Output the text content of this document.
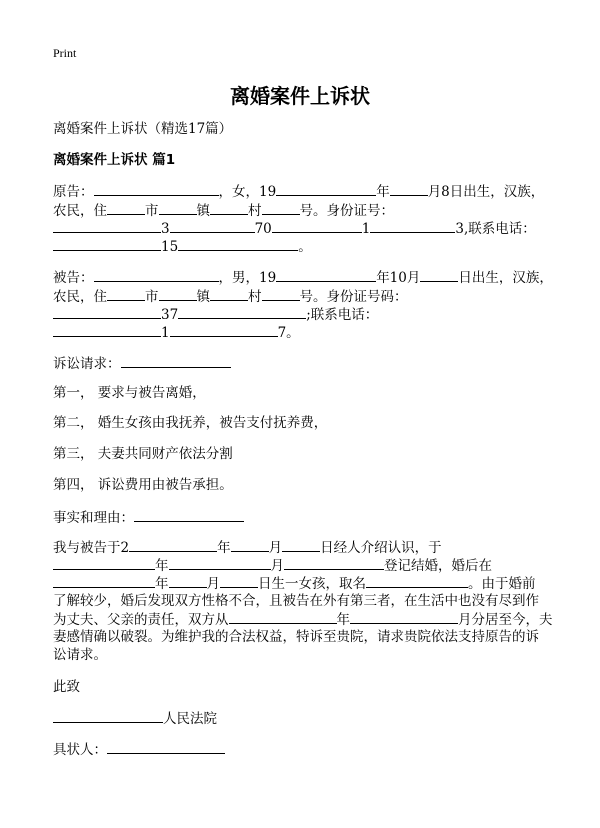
Print
离婚案件上诉状
离婚案件上诉状（精选17篇）
离婚案件上诉状 篇1
原告：	，女，19	年	月8日出生，汉族，
农民，住	市	镇	村	号。身份证号：
3	70	1	3,联系电话：
15	。
被告：	，男，19	年10月	日出生，汉族，
农民，住	市	镇	村	号。身份证号码：
37	;联系电话：
1	7。
诉讼请求：
第一， 要求与被告离婚，
第二， 婚生女孩由我抚养，被告支付抚养费，
第三， 夫妻共同财产依法分割
第四， 诉讼费用由被告承担。
事实和理由：
我与被告于2	年	月	日经人介绍认识，于
年	月	登记结婚，婚后在
年	月	日生一女孩，取名	。由于婚前
了解较少，婚后发现双方性格不合，且被告在外有第三者，在生活中也没有尽到作
为丈夫、父亲的责任，双方从	年	月分居至今，夫
妻感情确以破裂。为维护我的合法权益，特诉至贵院，请求贵院依法支持原告的诉
讼请求。
此致
人民法院
具状人：
